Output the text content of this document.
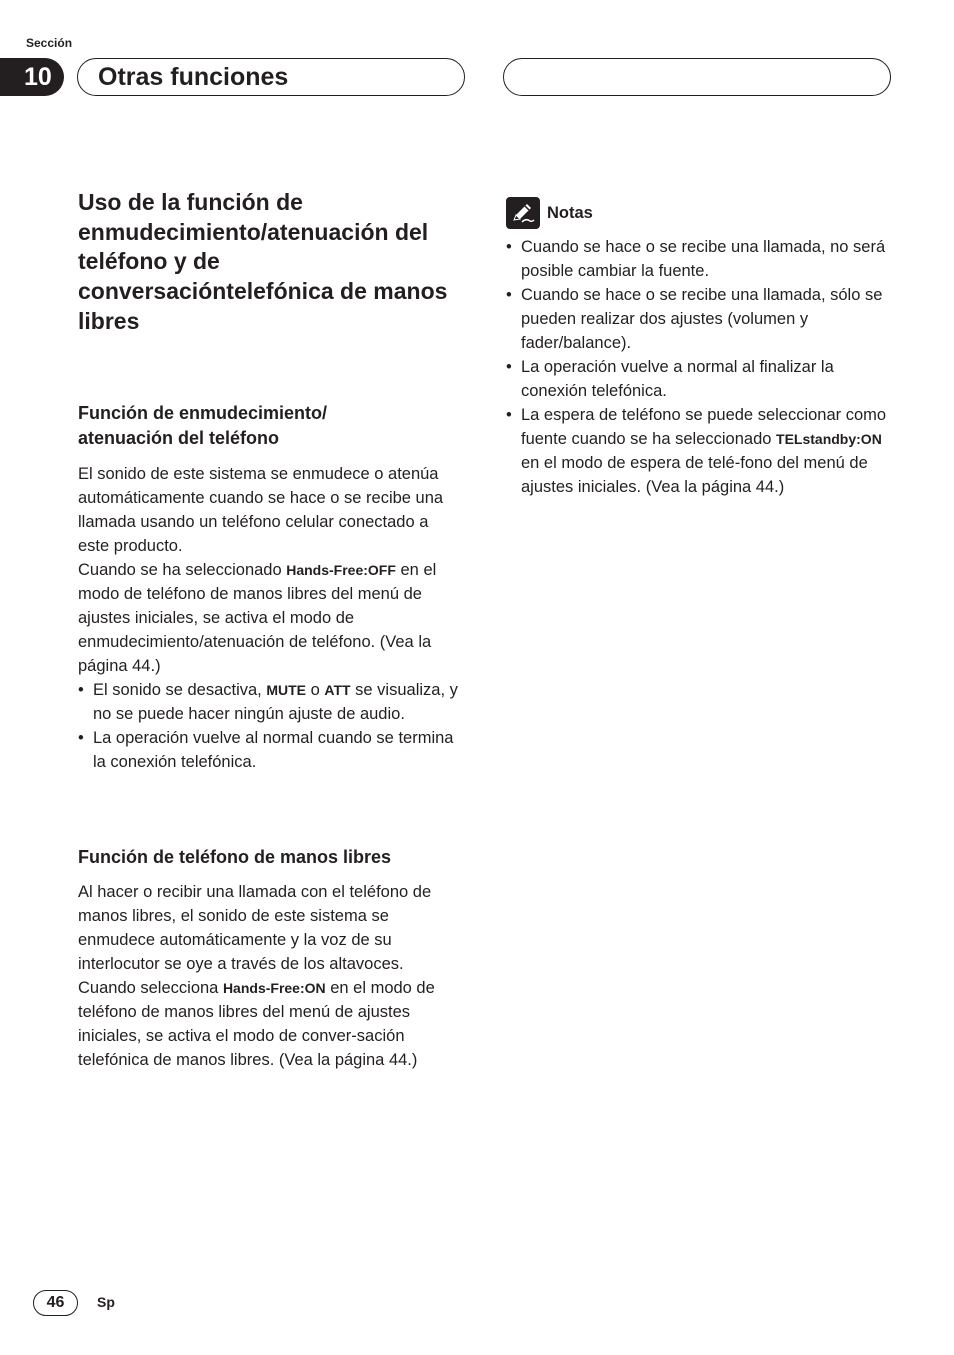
Sección
10	Otras funciones
Uso de la función de enmudecimiento/atenuación del teléfono y de conversacióntelefónica de manos libres
Función de enmudecimiento/
atenuación del teléfono

El sonido de este sistema se enmudece o atenúa automáticamente cuando se hace o se recibe una llamada usando un teléfono celular conectado a este producto.

Cuando se ha seleccionado Hands-Free:OFF en el modo de teléfono de manos libres del menú de ajustes iniciales, se activa el modo de enmudecimiento/atenuación de teléfono. (Vea la página 44.)

• El sonido se desactiva, MUTE o ATT se visualiza, y no se puede hacer ningún ajuste de audio.
• La operación vuelve al normal cuando se termina la conexión telefónica.
Función de teléfono de manos libres

Al hacer o recibir una llamada con el teléfono de manos libres, el sonido de este sistema se enmudece automáticamente y la voz de su interlocutor se oye a través de los altavoces.

Cuando selecciona Hands-Free:ON en el modo de teléfono de manos libres del menú de ajustes iniciales, se activa el modo de conver-sación telefónica de manos libres. (Vea la página 44.)

Notas
• Cuando se hace o se recibe una llamada, no será posible cambiar la fuente.
• Cuando se hace o se recibe una llamada, sólo se pueden realizar dos ajustes (volumen y fader/balance).
• La operación vuelve a normal al finalizar la conexión telefónica.
• La espera de teléfono se puede seleccionar como fuente cuando se ha seleccionado TELstandby:ON en el modo de espera de telé-fono del menú de ajustes iniciales. (Vea la página 44.)
46	Sp
